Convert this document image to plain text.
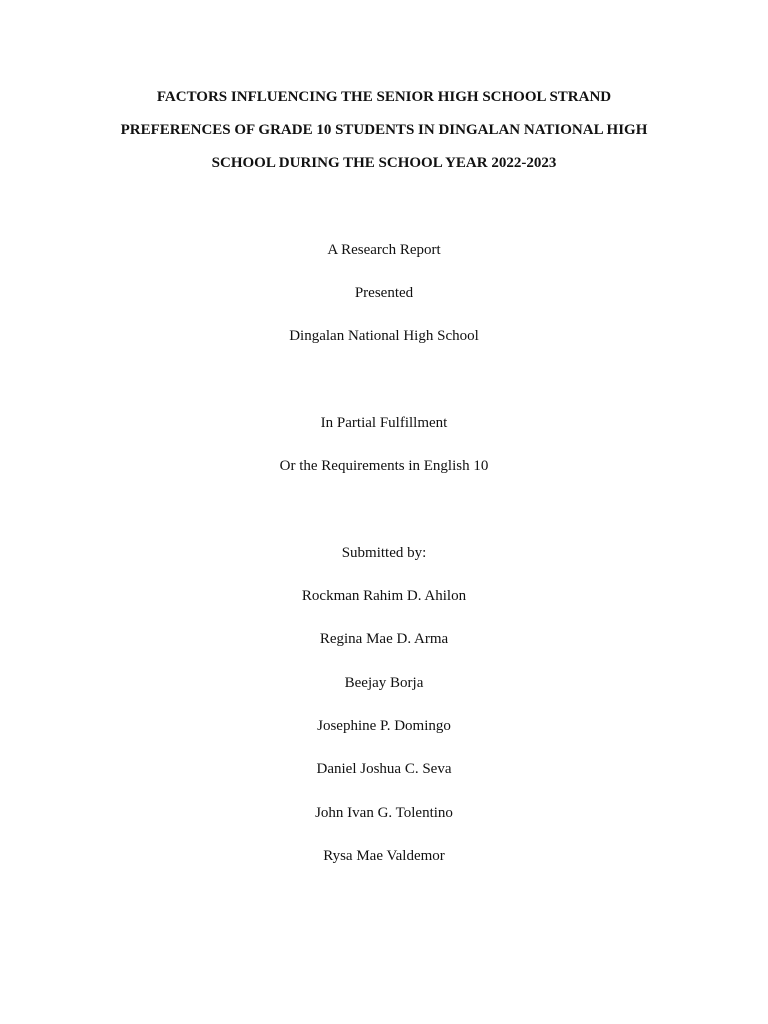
FACTORS INFLUENCING THE SENIOR HIGH SCHOOL STRAND
PREFERENCES OF GRADE 10 STUDENTS IN DINGALAN NATIONAL HIGH
SCHOOL DURING THE SCHOOL YEAR 2022-2023
A Research Report
Presented
Dingalan National High School
In Partial Fulfillment
Or the Requirements in English 10
Submitted by:
Rockman Rahim D. Ahilon
Regina Mae D. Arma
Beejay Borja
Josephine P. Domingo
Daniel Joshua C. Seva
John Ivan G. Tolentino
Rysa Mae Valdemor
